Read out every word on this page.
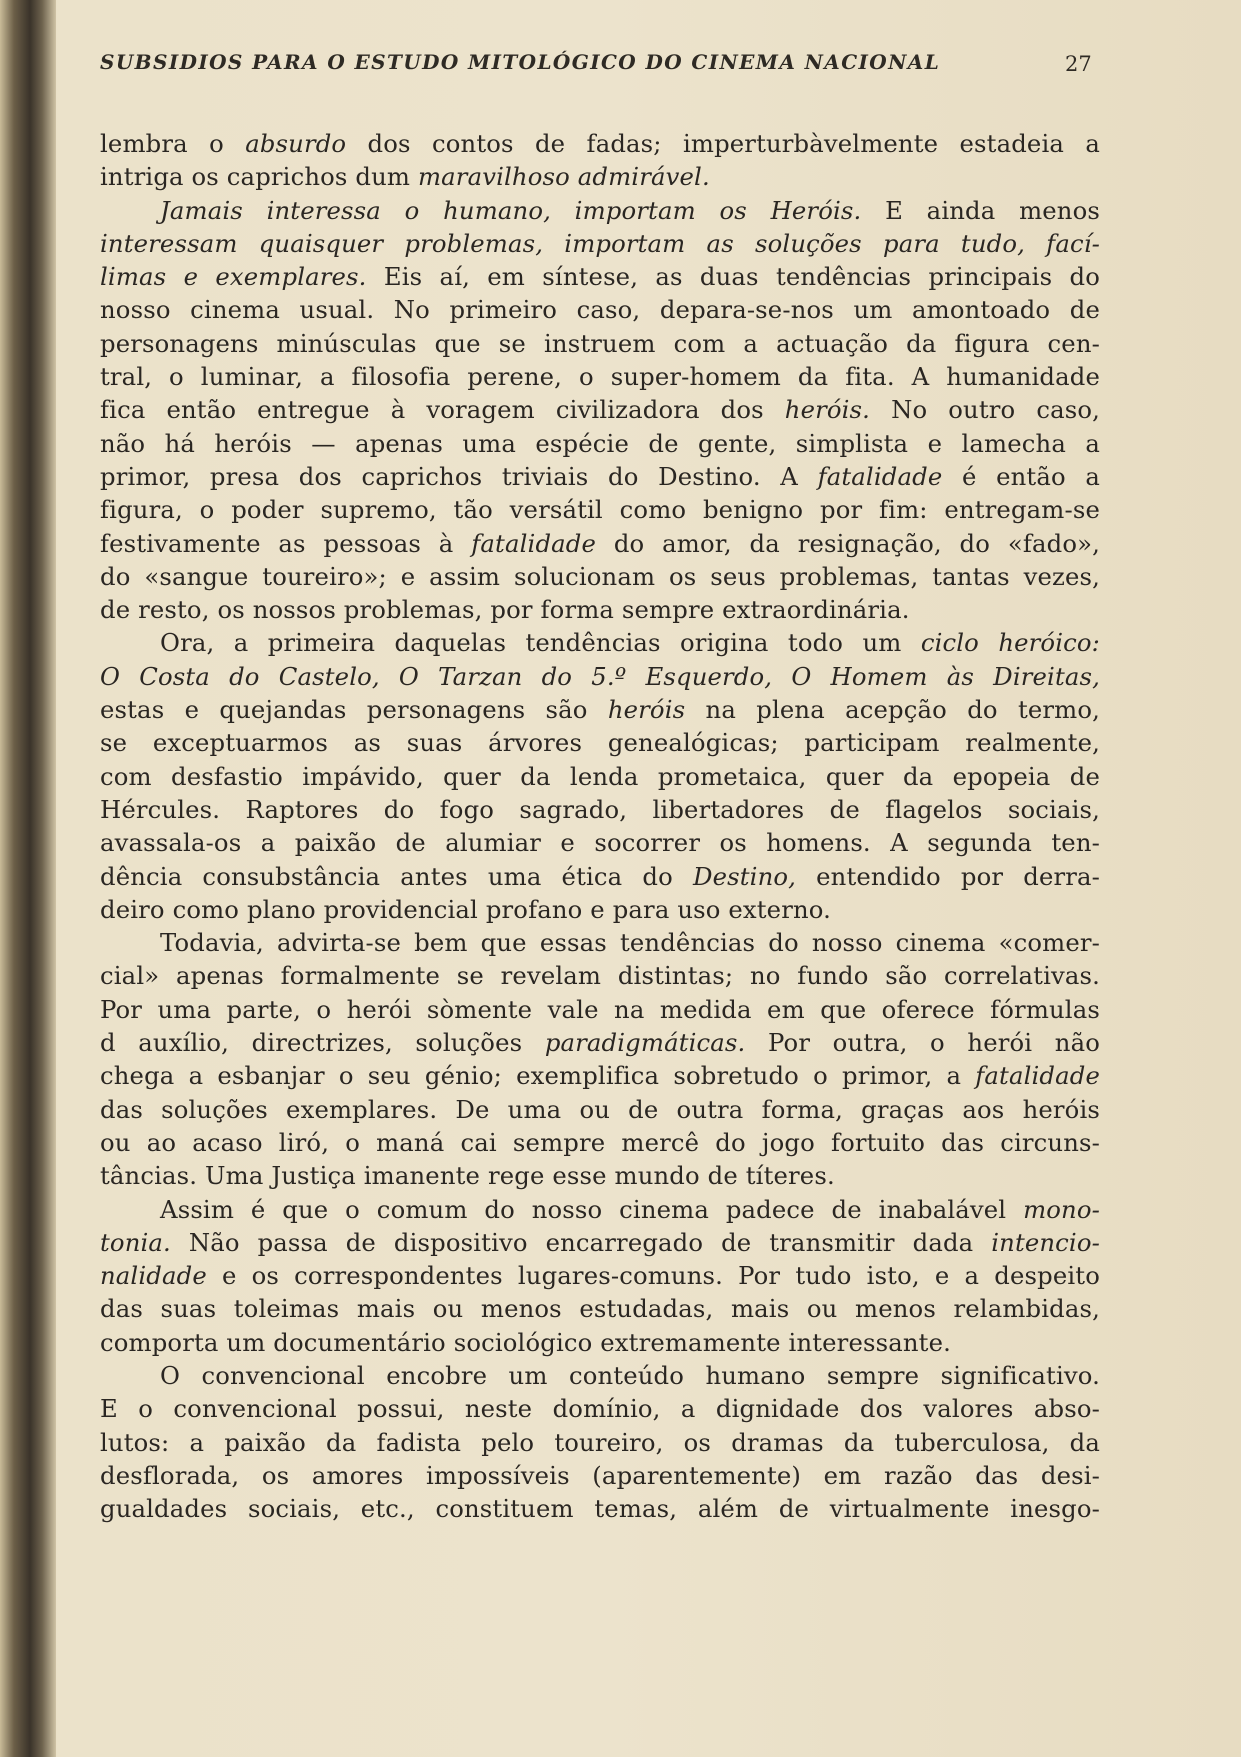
SUBSIDIOS PARA O ESTUDO MITOLÓGICO DO CINEMA NACIONAL	27
lembra o absurdo dos contos de fadas; imperturbàvelmente estadeia a
intriga os caprichos dum maravilhoso admirável.
Jamais interessa o humano, importam os Heróis. E ainda menos
interessam quaisquer problemas, importam as soluções para tudo, fací-
limas e exemplares. Eis aí, em síntese, as duas tendências principais do
nosso cinema usual. No primeiro caso, depara-se-nos um amontoado de
personagens minúsculas que se instruem com a actuação da figura cen-
tral, o luminar, a filosofia perene, o super-homem da fita. A humanidade
fica então entregue à voragem civilizadora dos heróis. No outro caso,
não há heróis — apenas uma espécie de gente, simplista e lamecha a
primor, presa dos caprichos triviais do Destino. A fatalidade é então a
figura, o poder supremo, tão versátil como benigno por fim: entregam-se
festivamente as pessoas à fatalidade do amor, da resignação, do «fado»,
do «sangue toureiro»; e assim solucionam os seus problemas, tantas vezes,
de resto, os nossos problemas, por forma sempre extraordinária.
Ora, a primeira daquelas tendências origina todo um ciclo heróico:
O Costa do Castelo, O Tarzan do 5.º Esquerdo, O Homem às Direitas,
estas e quejandas personagens são heróis na plena acepção do termo,
se exceptuarmos as suas árvores genealógicas; participam realmente,
com desfastio impávido, quer da lenda prometaica, quer da epopeia de
Hércules. Raptores do fogo sagrado, libertadores de flagelos sociais,
avassala-os a paixão de alumiar e socorrer os homens. A segunda ten-
dência consubstância antes uma ética do Destino, entendido por derra-
deiro como plano providencial profano e para uso externo.
Todavia, advirta-se bem que essas tendências do nosso cinema «comer-
cial» apenas formalmente se revelam distintas; no fundo são correlativas.
Por uma parte, o herói sòmente vale na medida em que oferece fórmulas
d auxílio, directrizes, soluções paradigmáticas. Por outra, o herói não
chega a esbanjar o seu génio; exemplifica sobretudo o primor, a fatalidade
das soluções exemplares. De uma ou de outra forma, graças aos heróis
ou ao acaso liró, o maná cai sempre mercê do jogo fortuito das circuns-
tâncias. Uma Justiça imanente rege esse mundo de títeres.
Assim é que o comum do nosso cinema padece de inabalável mono-
tonia. Não passa de dispositivo encarregado de transmitir dada intencio-
nalidade e os correspondentes lugares-comuns. Por tudo isto, e a despeito
das suas toleimas mais ou menos estudadas, mais ou menos relambidas,
comporta um documentário sociológico extremamente interessante.
O convencional encobre um conteúdo humano sempre significativo.
E o convencional possui, neste domínio, a dignidade dos valores abso-
lutos: a paixão da fadista pelo toureiro, os dramas da tuberculosa, da
desflorada, os amores impossíveis (aparentemente) em razão das desi-
gualdades sociais, etc., constituem temas, além de virtualmente inesgo-
